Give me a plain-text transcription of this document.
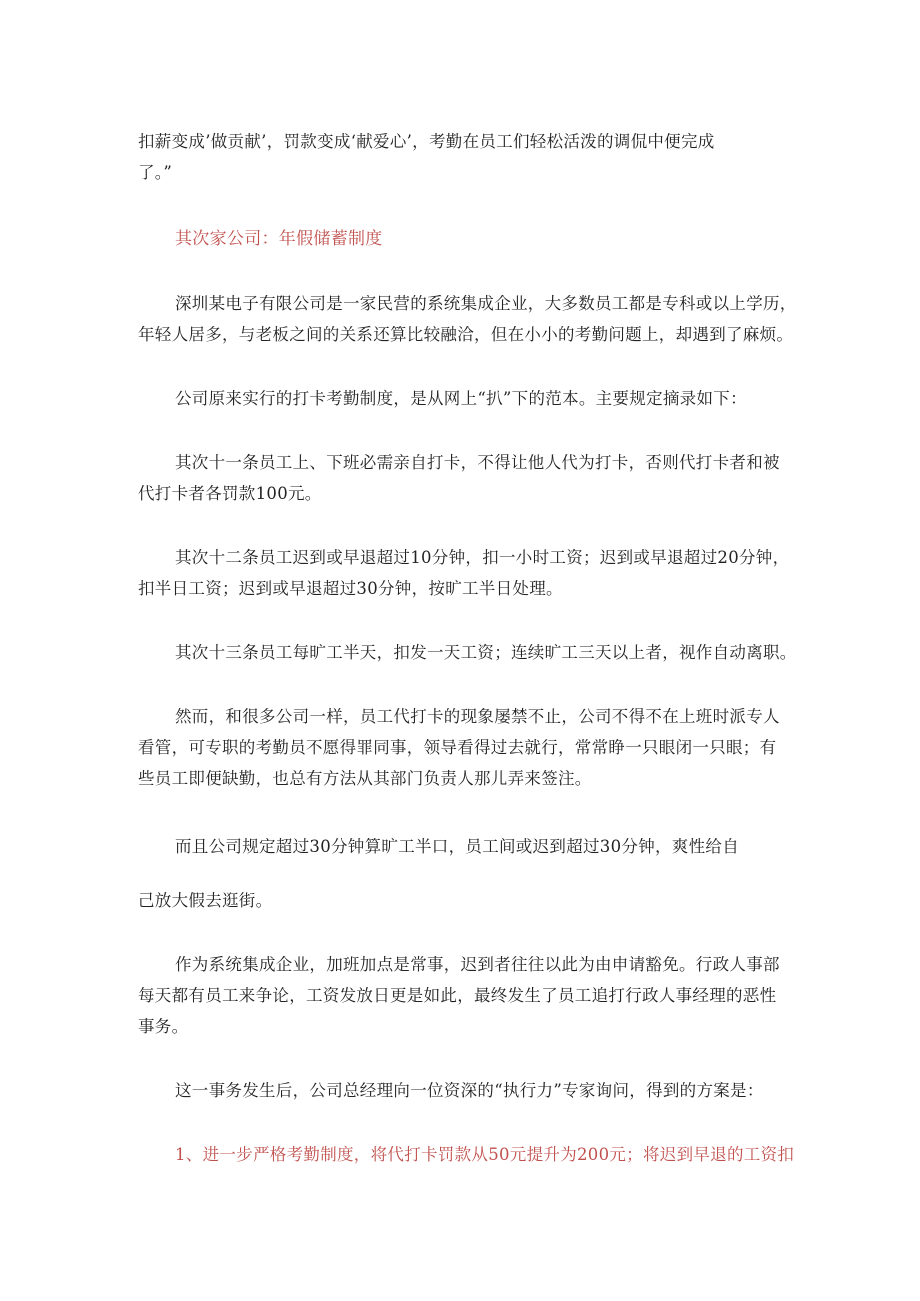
扣薪变成’做贡献’，罚款变成‘献爱心’，考勤在员工们轻松活泼的调侃中便完成
了。”
其次家公司：年假储蓄制度
深圳某电子有限公司是一家民营的系统集成企业，大多数员工都是专科或以上学历，
年轻人居多，与老板之间的关系还算比较融洽，但在小小的考勤问题上，却遇到了麻烦。
公司原来实行的打卡考勤制度，是从网上“扒”下的范本。主要规定摘录如下：
其次十一条员工上、下班必需亲自打卡，不得让他人代为打卡，否则代打卡者和被
代打卡者各罚款100元。
其次十二条员工迟到或早退超过10分钟，扣一小时工资；迟到或早退超过20分钟，
扣半日工资；迟到或早退超过30分钟，按旷工半日处理。
其次十三条员工每旷工半天，扣发一天工资；连续旷工三天以上者，视作自动离职。
然而，和很多公司一样，员工代打卡的现象屡禁不止，公司不得不在上班时派专人
看管，可专职的考勤员不愿得罪同事，领导看得过去就行，常常睁一只眼闭一只眼；有
些员工即便缺勤，也总有方法从其部门负责人那儿弄来签注。
而且公司规定超过30分钟算旷工半口，员工间或迟到超过30分钟，爽性给自
己放大假去逛街。
作为系统集成企业，加班加点是常事，迟到者往往以此为由申请豁免。行政人事部
每天都有员工来争论，工资发放日更是如此，最终发生了员工追打行政人事经理的恶性
事务。
这一事务发生后，公司总经理向一位资深的“执行力”专家询问，得到的方案是：
1、进一步严格考勤制度，将代打卡罚款从50元提升为200元；将迟到早退的工资扣
